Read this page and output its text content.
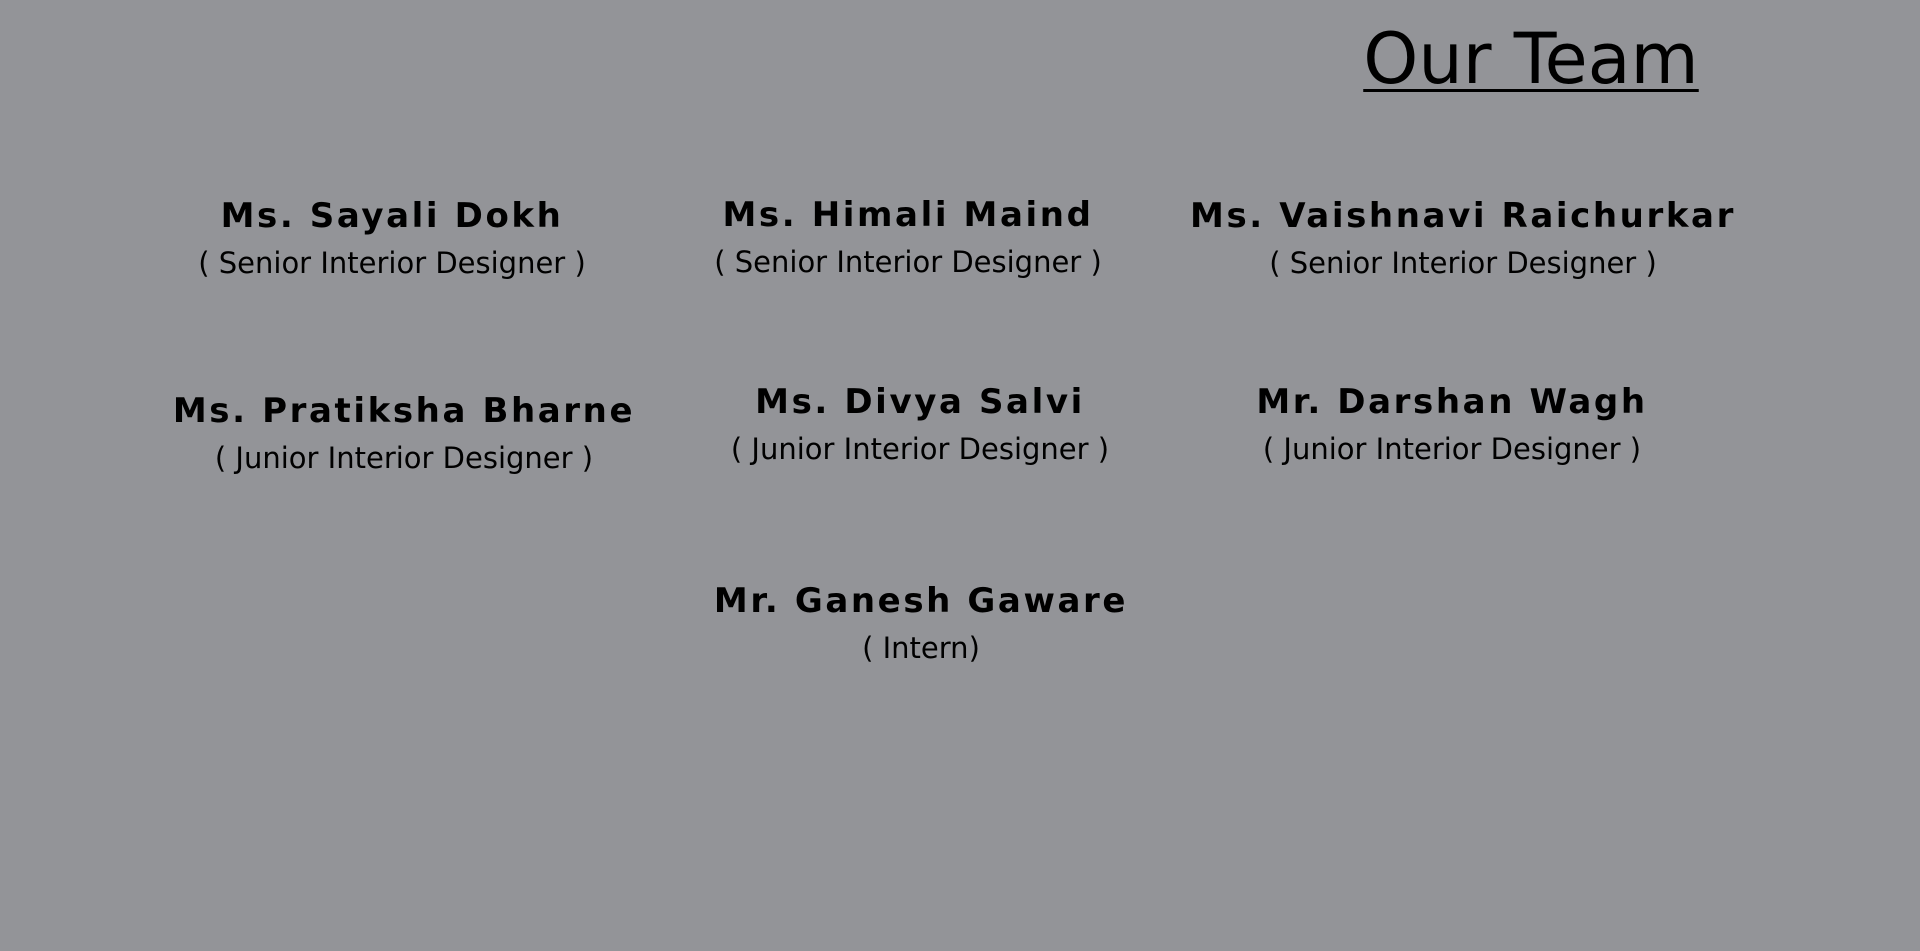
Our Team
Ms. Sayali Dokh
( Senior Interior Designer )
Ms. Himali Maind
( Senior Interior Designer )
Ms. Vaishnavi Raichurkar
( Senior Interior Designer )
Ms. Pratiksha Bharne
( Junior Interior Designer )
Ms. Divya Salvi
( Junior Interior Designer )
Mr. Darshan Wagh
( Junior Interior Designer )
Mr. Ganesh Gaware
( Intern)
